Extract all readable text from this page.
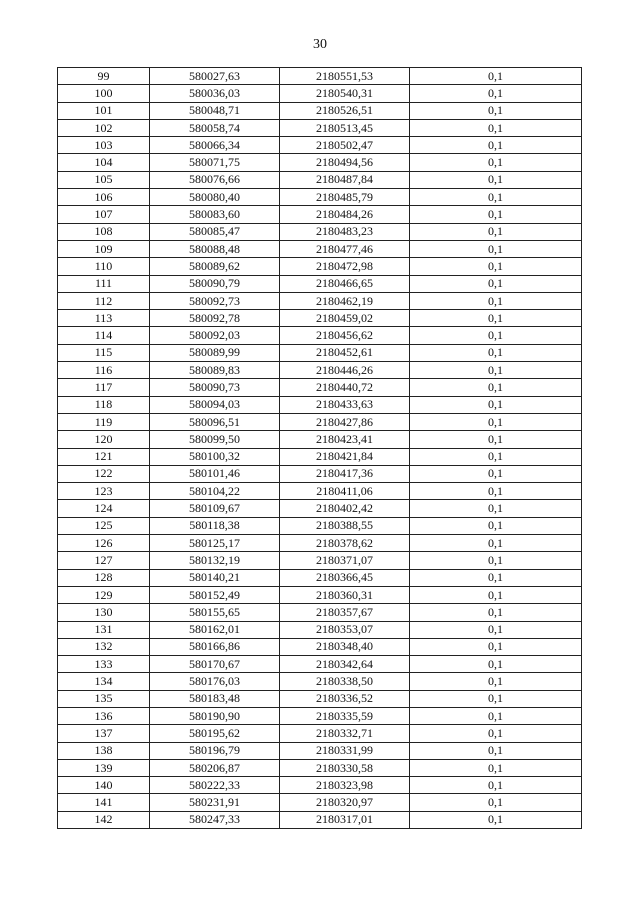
30
99	580027,63	2180551,53	0,1
100	580036,03	2180540,31	0,1
101	580048,71	2180526,51	0,1
102	580058,74	2180513,45	0,1
103	580066,34	2180502,47	0,1
104	580071,75	2180494,56	0,1
105	580076,66	2180487,84	0,1
106	580080,40	2180485,79	0,1
107	580083,60	2180484,26	0,1
108	580085,47	2180483,23	0,1
109	580088,48	2180477,46	0,1
110	580089,62	2180472,98	0,1
111	580090,79	2180466,65	0,1
112	580092,73	2180462,19	0,1
113	580092,78	2180459,02	0,1
114	580092,03	2180456,62	0,1
115	580089,99	2180452,61	0,1
116	580089,83	2180446,26	0,1
117	580090,73	2180440,72	0,1
118	580094,03	2180433,63	0,1
119	580096,51	2180427,86	0,1
120	580099,50	2180423,41	0,1
121	580100,32	2180421,84	0,1
122	580101,46	2180417,36	0,1
123	580104,22	2180411,06	0,1
124	580109,67	2180402,42	0,1
125	580118,38	2180388,55	0,1
126	580125,17	2180378,62	0,1
127	580132,19	2180371,07	0,1
128	580140,21	2180366,45	0,1
129	580152,49	2180360,31	0,1
130	580155,65	2180357,67	0,1
131	580162,01	2180353,07	0,1
132	580166,86	2180348,40	0,1
133	580170,67	2180342,64	0,1
134	580176,03	2180338,50	0,1
135	580183,48	2180336,52	0,1
136	580190,90	2180335,59	0,1
137	580195,62	2180332,71	0,1
138	580196,79	2180331,99	0,1
139	580206,87	2180330,58	0,1
140	580222,33	2180323,98	0,1
141	580231,91	2180320,97	0,1
142	580247,33	2180317,01	0,1
